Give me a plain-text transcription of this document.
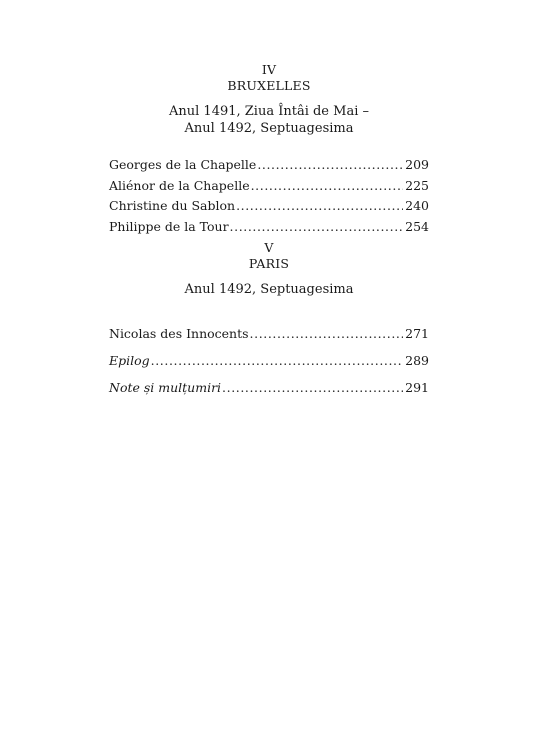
IV
BRUXELLES
Anul 1491, Ziua Întâi de Mai –
Anul 1492, Septuagesima
Georges de la Chapelle .....	209
Aliénor de la Chapelle .....	225
Christine du Sablon .....	240
Philippe de la Tour .....	254
V
PARIS
Anul 1492, Septuagesima
Nicolas des Innocents .....	271
Epilog .....	289
Note și mulțumiri .....	291
